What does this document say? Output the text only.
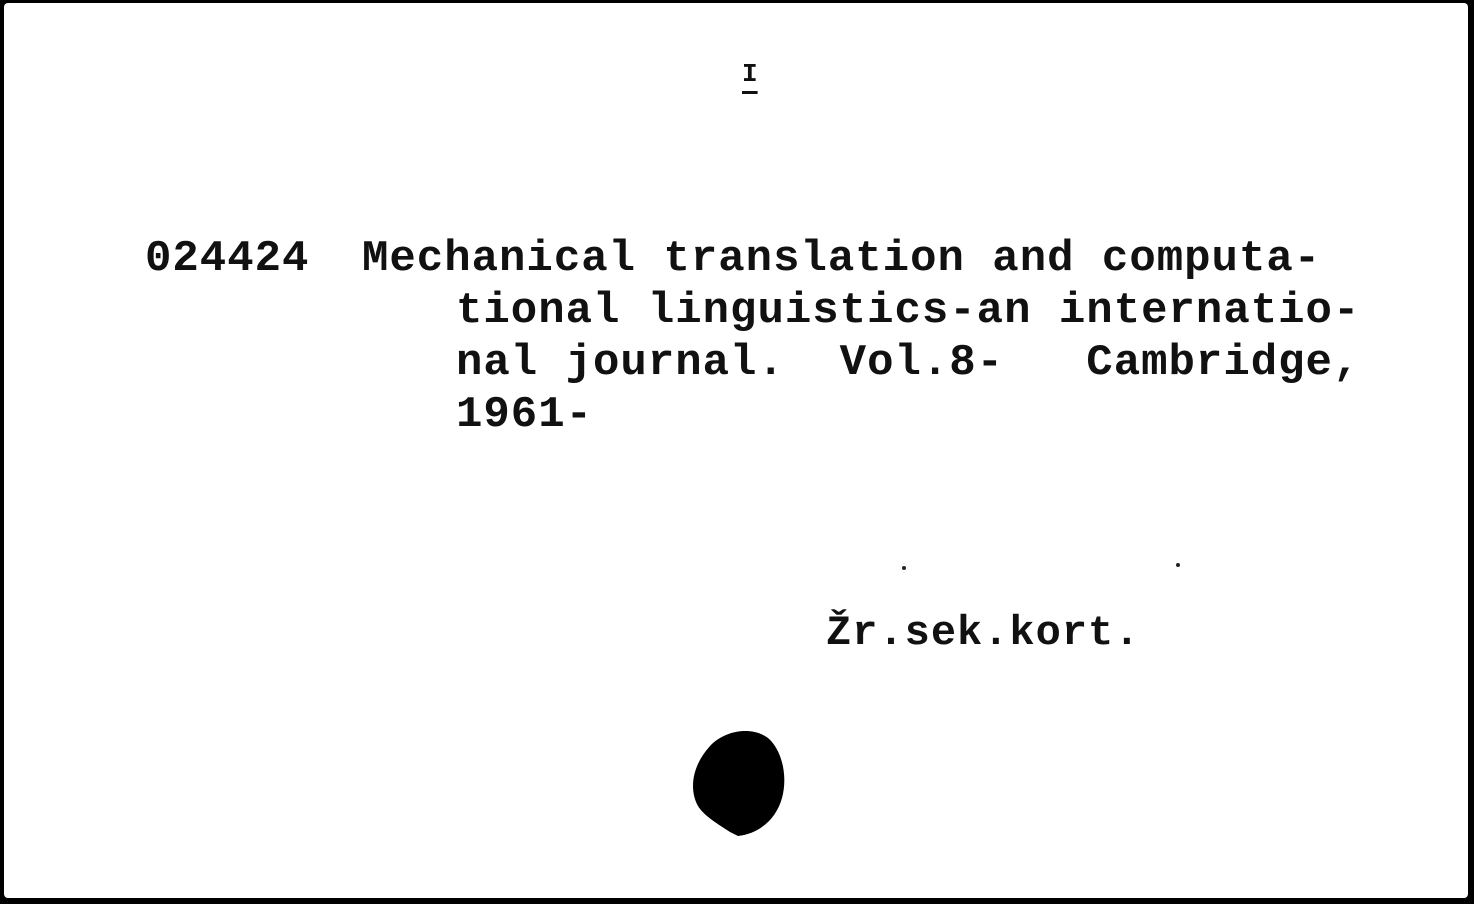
I
024424 Mechanical translation and computa-
tional linguistics-an internatio-
nal journal.  Vol.8-   Cambridge,
1961-
Žr.sek.kort.
